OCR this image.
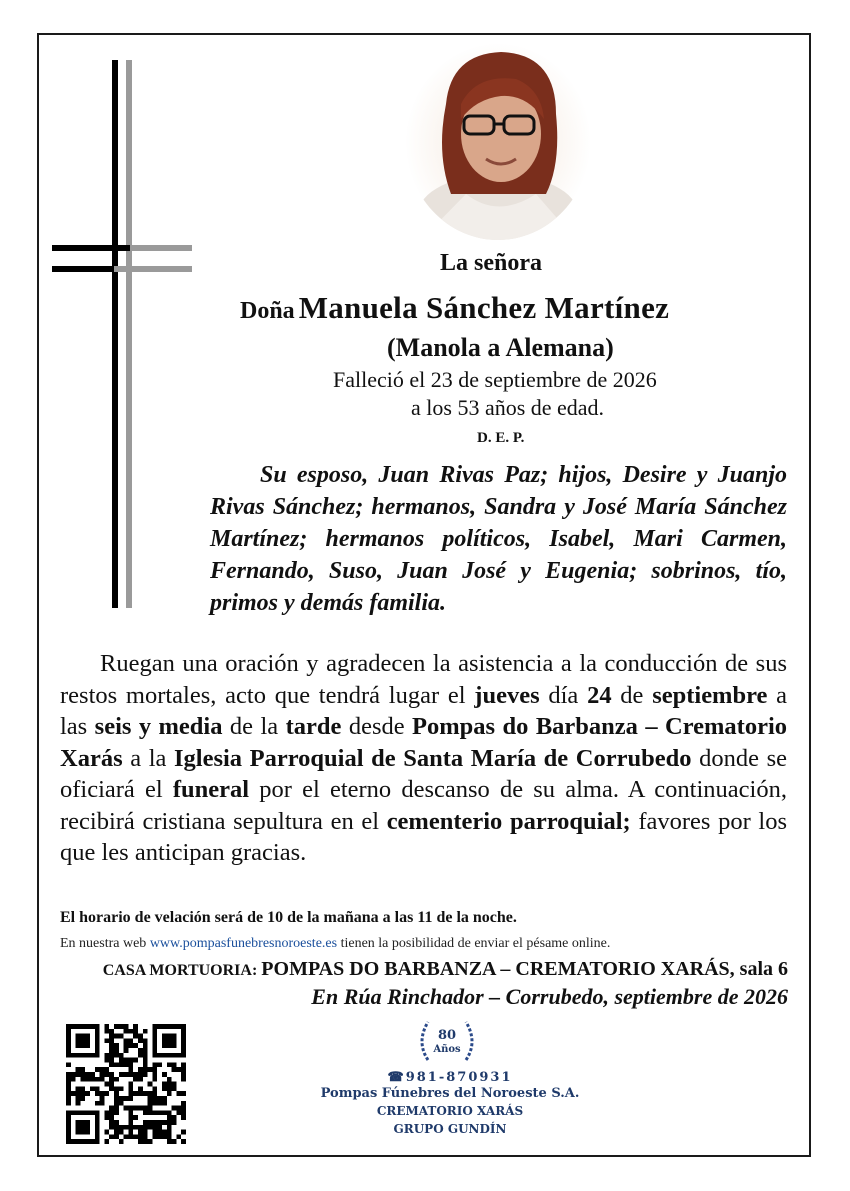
La señora
Doña Manuela Sánchez Martínez
(Manola a Alemana)
Falleció el 23 de septiembre de 2026
a los 53 años de edad.
D. E. P.
Su esposo, Juan Rivas Paz; hijos, Desire y Juanjo Rivas Sánchez; hermanos, Sandra y José María Sánchez Martínez; hermanos políticos, Isabel, Mari Carmen, Fernando, Suso, Juan José y Eugenia; sobrinos, tío, primos y demás familia.
Ruegan una oración y agradecen la asistencia a la conducción de sus restos mortales, acto que tendrá lugar el jueves día 24 de septiembre a las seis y media de la tarde desde Pompas do Barbanza – Crematorio Xarás a la Iglesia Parroquial de Santa María de Corrubedo donde se oficiará el funeral por el eterno descanso de su alma. A continuación, recibirá cristiana sepultura en el cementerio parroquial; favores por los que les anticipan gracias.
El horario de velación será de 10 de la mañana a las 11 de la noche.
En nuestra web www.pompasfunebresnoroeste.es tienen la posibilidad de enviar el pésame online.
CASA MORTUORIA: POMPAS DO BARBANZA – CREMATORIO XARÁS, sala 6
En Rúa Rinchador – Corrubedo, septiembre de 2026
80
Años
☎981-870931
Pompas Fúnebres del Noroeste S.A.
CREMATORIO XARÁS
GRUPO GUNDÍN
